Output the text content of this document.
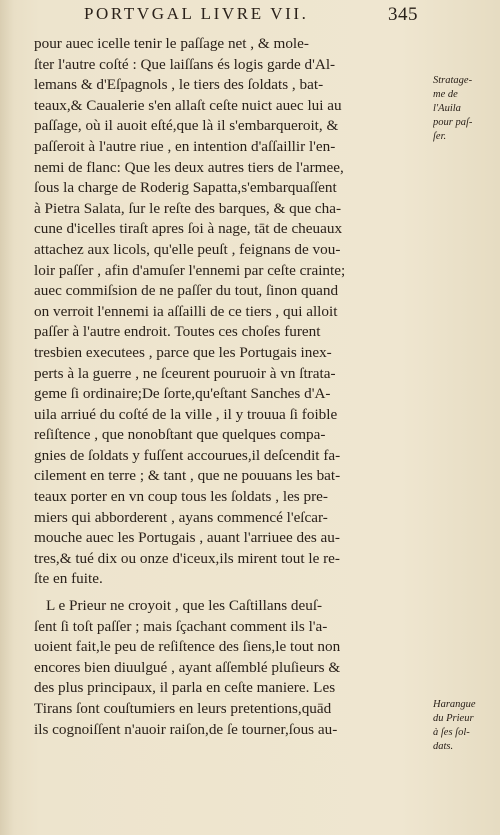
PORTVGAL LIVRE VII.	345
pour auec icelle tenir le paſſage net , & mole-
ſter l'autre coſté : Que laiſſans és logis garde d'Al-
lemans & d'Eſpagnols , le tiers des ſoldats , bat-
teaux,& Caualerie s'en allaſt ceſte nuict auec lui au
paſſage, où il auoit eſté,que là il s'embarqueroit, &
paſſeroit à l'autre riue , en intention d'aſſaillir l'en-
nemi de flanc: Que les deux autres tiers de l'armee,
ſous la charge de Roderig Sapatta,s'embarquaſſent
à Pietra Salata, ſur le reſte des barques, & que cha-
cune d'icelles tiraſt apres ſoi à nage, tāt de cheuaux
attachez aux licols, qu'elle peuſt , feignans de vou-
loir paſſer , afin d'amuſer l'ennemi par ceſte crainte;
auec commiſsion de ne paſſer du tout, ſinon quand
on verroit l'ennemi ia aſſailli de ce tiers , qui alloit
paſſer à l'autre endroit. Toutes ces choſes furent
tresbien executees , parce que les Portugais inex-
perts à la guerre , ne ſceurent pouruoir à vn ſtrata-
geme ſi ordinaire;De ſorte,qu'eſtant Sanches d'A-
uila arriué du coſté de la ville , il y trouua ſi foible
reſiſtence , que nonobſtant que quelques compa-
gnies de ſoldats y fuſſent accourues,il deſcendit fa-
cilement en terre ; & tant , que ne pouuans les bat-
teaux porter en vn coup tous les ſoldats , les pre-
miers qui abborderent , ayans commencé l'eſcar-
mouche auec les Portugais , auant l'arriuee des au-
tres,& tué dix ou onze d'iceux,ils mirent tout le re-
ſte en fuite.
L e Prieur ne croyoit , que les Caſtillans deuſ-
ſent ſi toſt paſſer ; mais ſçachant comment ils l'a-
uoient fait,le peu de reſiſtence des ſiens,le tout non
encores bien diuulgué , ayant aſſemblé pluſieurs &
des plus principaux, il parla en ceſte maniere. Les
Tirans ſont couſtumiers en leurs pretentions,quād
ils cognoiſſent n'auoir raiſon,de ſe tourner,ſous au-
Stratage-
me de
l'Auila
pour paſ-
ſer.
Harangue
du Prieur
à ſes ſol-
dats.
